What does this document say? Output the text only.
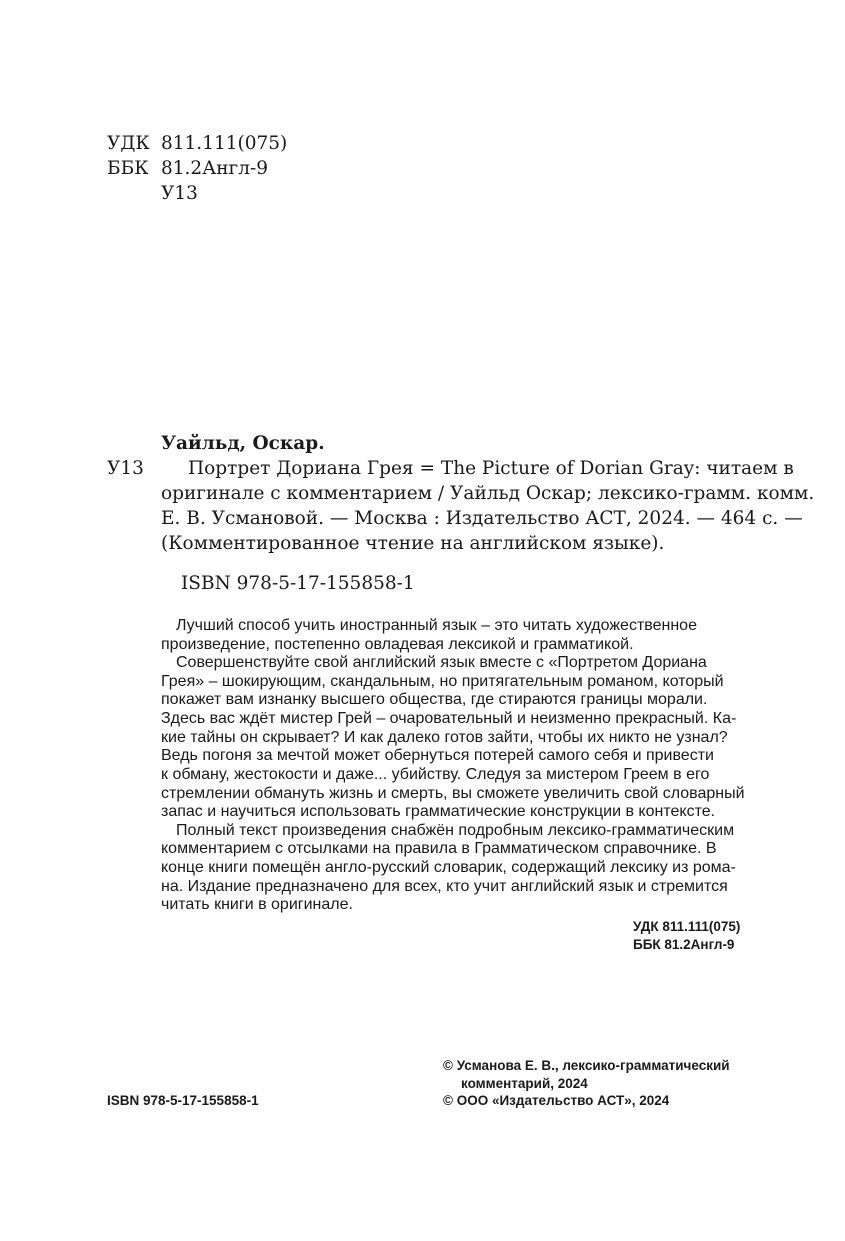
УДК 811.111(075)
ББК 81.2Англ-9
У13
Уайльд, Оскар.
У13 Портрет Дориана Грея = The Picture of Dorian Gray: читаем в
оригинале с комментарием / Уайльд Оскар; лексико-грамм. комм.
Е. В. Усмановой. — Москва : Издательство АСТ, 2024. — 464 с. —
(Комментированное чтение на английском языке).
ISBN 978-5-17-155858-1
Лучший способ учить иностранный язык – это читать художественное
произведение, постепенно овладевая лексикой и грамматикой.
Совершенствуйте свой английский язык вместе с «Портретом Дориана
Грея» – шокирующим, скандальным, но притягательным романом, который
покажет вам изнанку высшего общества, где стираются границы морали.
Здесь вас ждёт мистер Грей – очаровательный и неизменно прекрасный. Ка-
кие тайны он скрывает? И как далеко готов зайти, чтобы их никто не узнал?
Ведь погоня за мечтой может обернуться потерей самого себя и привести
к обману, жестокости и даже... убийству. Следуя за мистером Греем в его
стремлении обмануть жизнь и смерть, вы сможете увеличить свой словарный
запас и научиться использовать грамматические конструкции в контексте.
Полный текст произведения снабжён подробным лексико-грамматическим
комментарием с отсылками на правила в Грамматическом справочнике. В
конце книги помещён англо-русский словарик, содержащий лексику из рома-
на. Издание предназначено для всех, кто учит английский язык и стремится
читать книги в оригинале.
УДК 811.111(075)
ББК 81.2Англ-9
© Усманова Е. В., лексико-грамматический
комментарий, 2024
ISBN 978-5-17-155858-1	© ООО «Издательство АСТ», 2024
